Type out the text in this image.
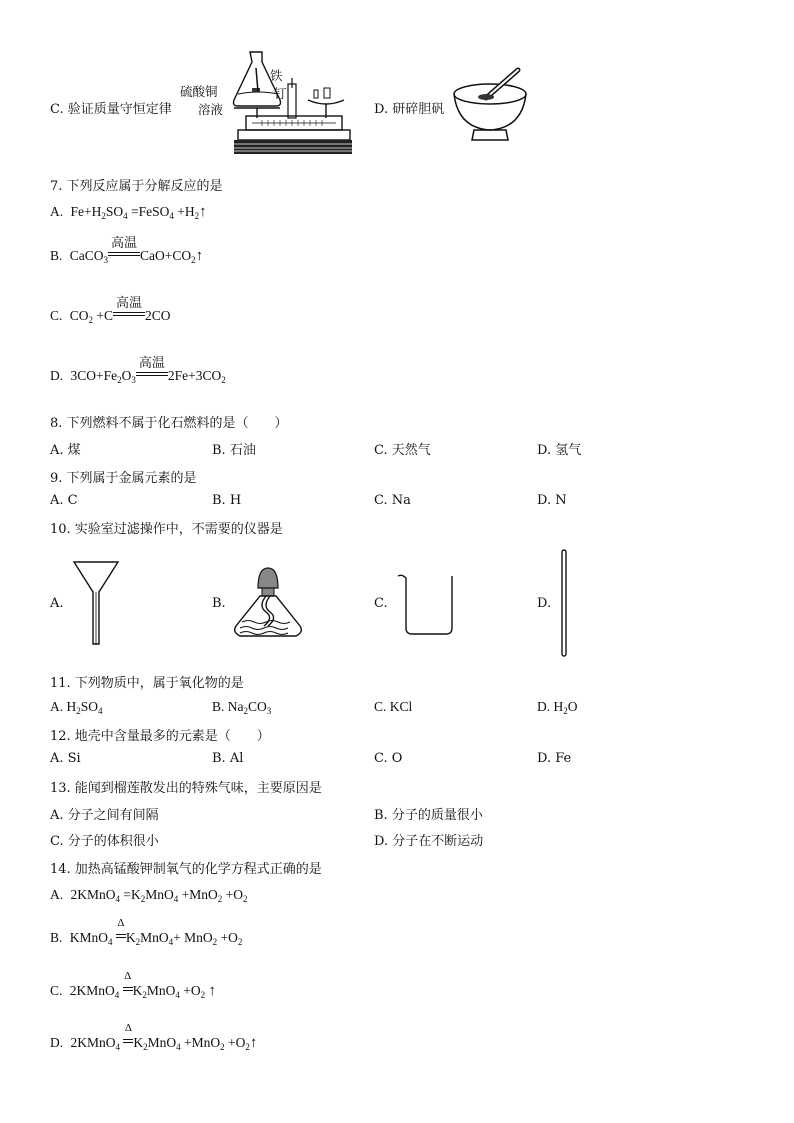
C. 验证质量守恒定律
硫酸铜
溶液
铁
钉
D. 研碎胆矾
7. 下列反应属于分解反应的是
A. $Fe+H_2SO_4$ =FeSO$_4$ $+H_2↑$
B. CaCO$_3$
高温
$CaO+CO_2↑$
C. $CO_2 +C$
高温
2CO
D. $3CO+Fe_2O_3$
高温
$2Fe+3CO_2$
8. 下列燃料不属于化石燃料的是（　　）
A. 煤	B. 石油	C. 天然气	D. 氢气
9. 下列属于金属元素的是
A. C	B. H	C. Na	D. N
10. 实验室过滤操作中，不需要的仪器是
A.	B.	C.	D.
11. 下列物质中，属于氧化物的是
A. $H_2SO_4$	B. $Na_2CO_3$	C. KCl	D. $H_2O$
12. 地壳中含量最多的元素是（　　）
A. Si	B. Al	C. O	D. Fe
13. 能闻到榴莲散发出的特殊气味，主要原因是
A. 分子之间有间隔	B. 分子的质量很小
C. 分子的体积很小	D. 分子在不断运动
14. 加热高锰酸钾制氧气的化学方程式正确的是
A. 2KMnO$_4$ $=K_2MnO_4 +MnO_2 +O_2$
B. KMnO$_4$
Δ
$K_2MnO_4+ MnO_2 +O_2$
C. 2KMnO$_4$
Δ
$K_2MnO_4 +O_2$ ↑
D. 2KMnO$_4$
Δ
$K_2MnO_4 +MnO_2$ $+O_2↑$
